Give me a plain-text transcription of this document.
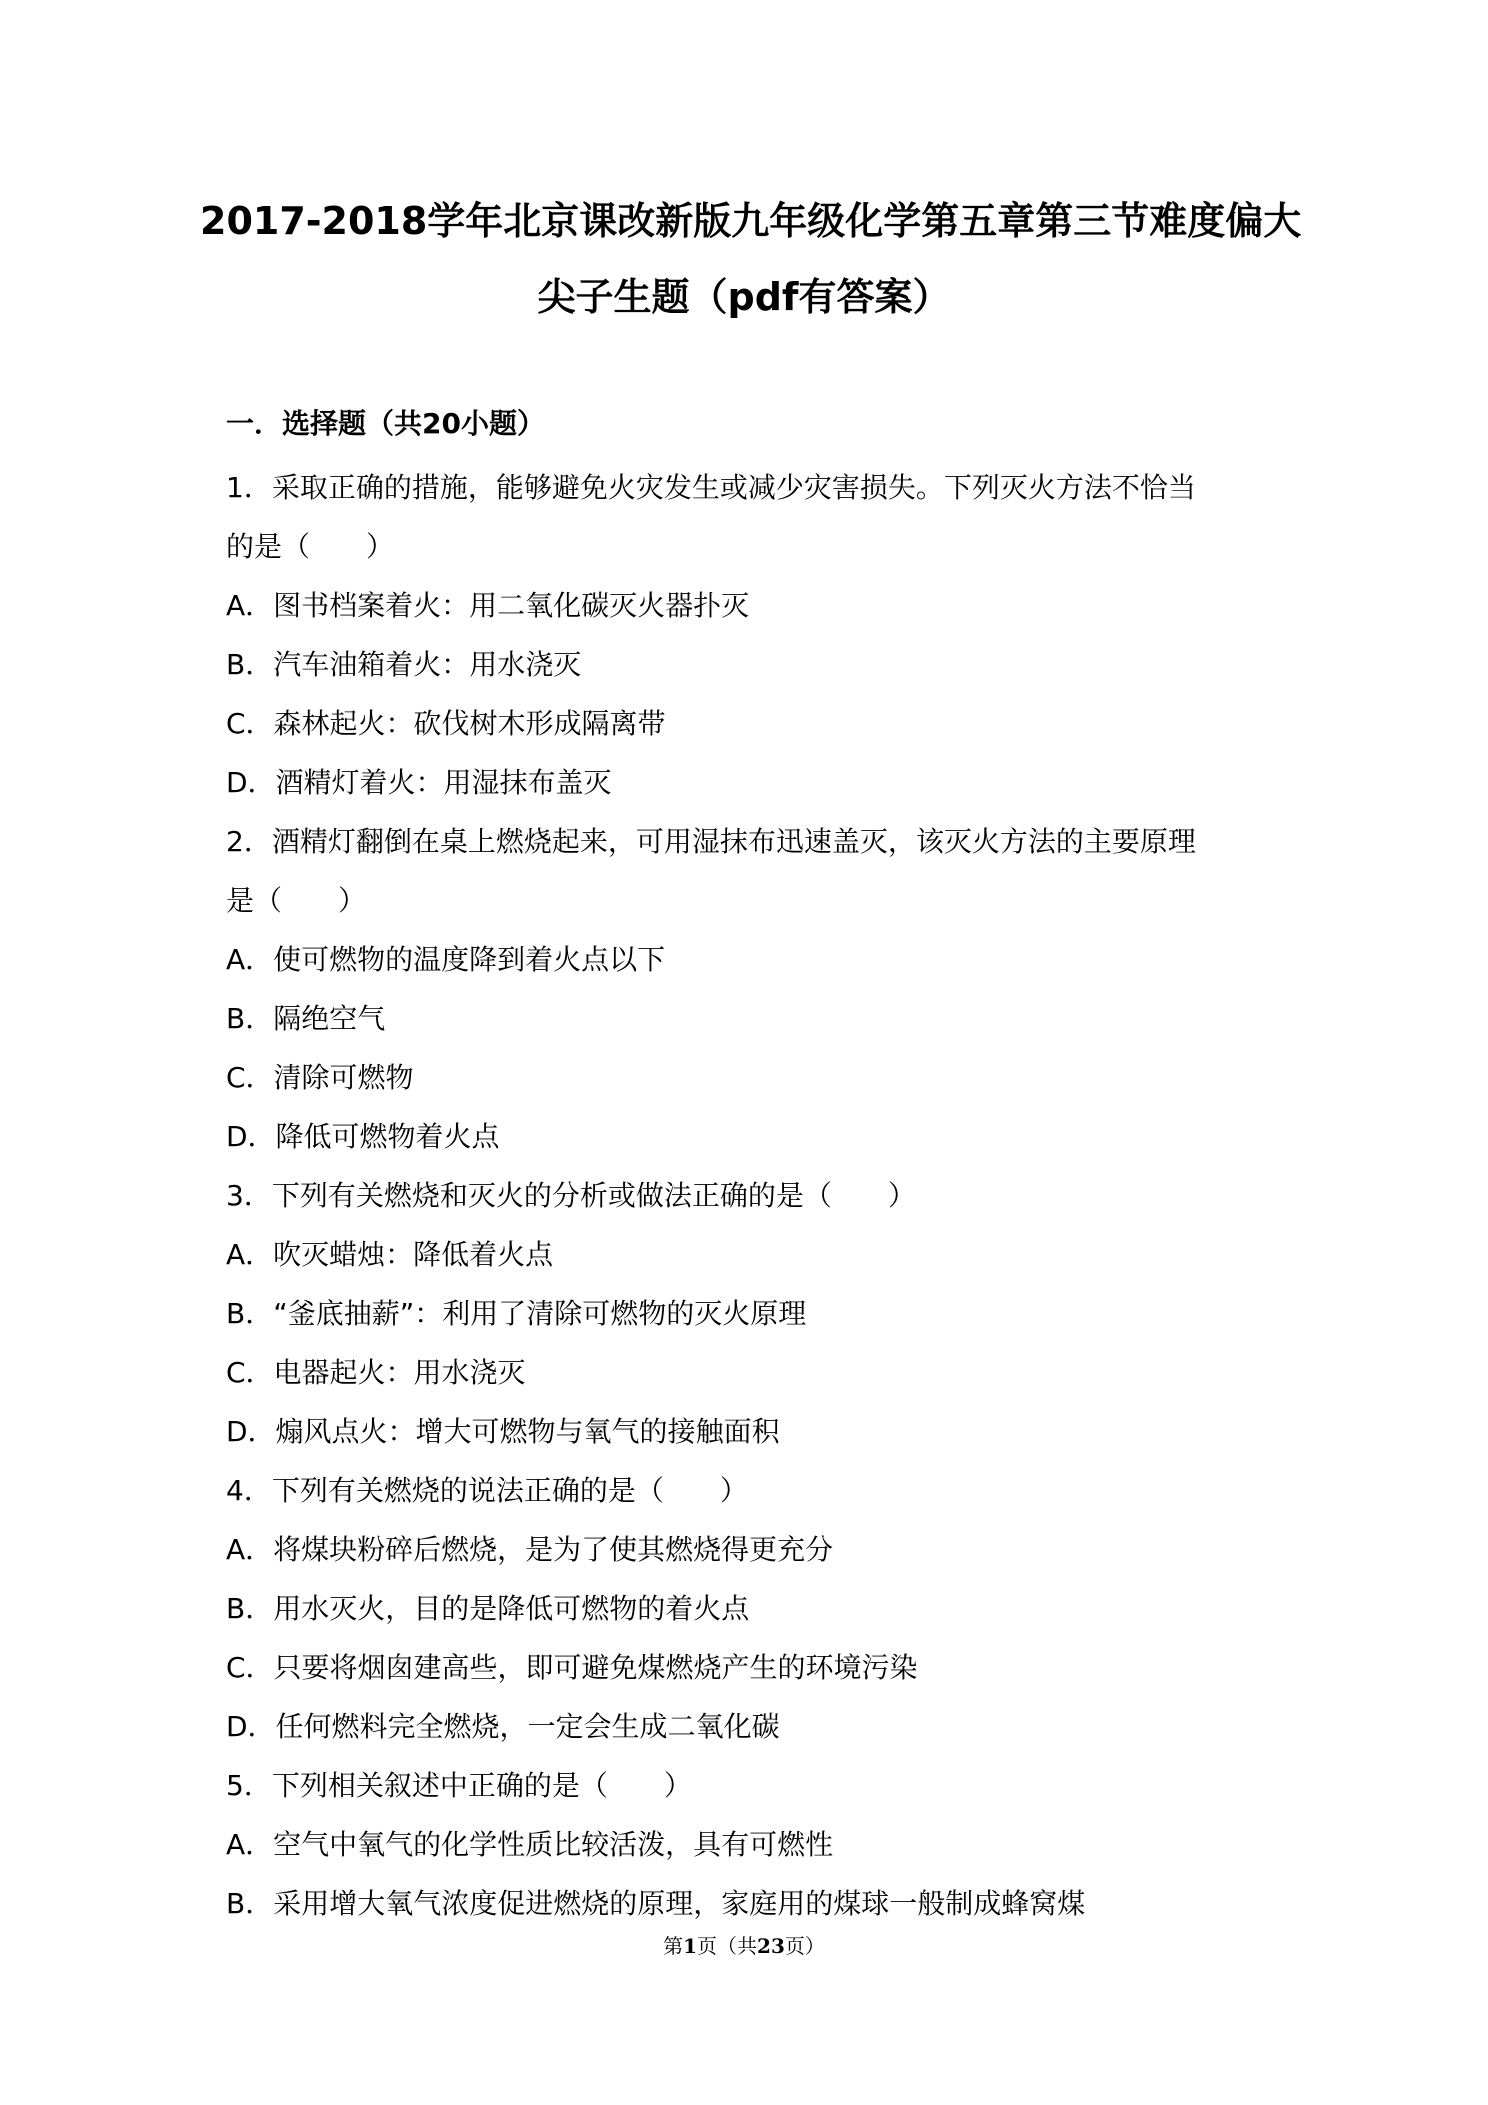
2017-2018学年北京课改新版九年级化学第五章第三节难度偏大
尖子生题（pdf有答案）
一．选择题（共20小题）
1．采取正确的措施，能够避免火灾发生或减少灾害损失。下列灭火方法不恰当
的是（　　）
A．图书档案着火：用二氧化碳灭火器扑灭
B．汽车油箱着火：用水浇灭
C．森林起火：砍伐树木形成隔离带
D．酒精灯着火：用湿抹布盖灭
2．酒精灯翻倒在桌上燃烧起来，可用湿抹布迅速盖灭，该灭火方法的主要原理
是（　　）
A．使可燃物的温度降到着火点以下
B．隔绝空气
C．清除可燃物
D．降低可燃物着火点
3．下列有关燃烧和灭火的分析或做法正确的是（　　）
A．吹灭蜡烛：降低着火点
B．“釜底抽薪”：利用了清除可燃物的灭火原理
C．电器起火：用水浇灭
D．煽风点火：增大可燃物与氧气的接触面积
4．下列有关燃烧的说法正确的是（　　）
A．将煤块粉碎后燃烧，是为了使其燃烧得更充分
B．用水灭火，目的是降低可燃物的着火点
C．只要将烟囱建高些，即可避免煤燃烧产生的环境污染
D．任何燃料完全燃烧，一定会生成二氧化碳
5．下列相关叙述中正确的是（　　）
A．空气中氧气的化学性质比较活泼，具有可燃性
B．采用增大氧气浓度促进燃烧的原理，家庭用的煤球一般制成蜂窝煤
第1页（共23页）
